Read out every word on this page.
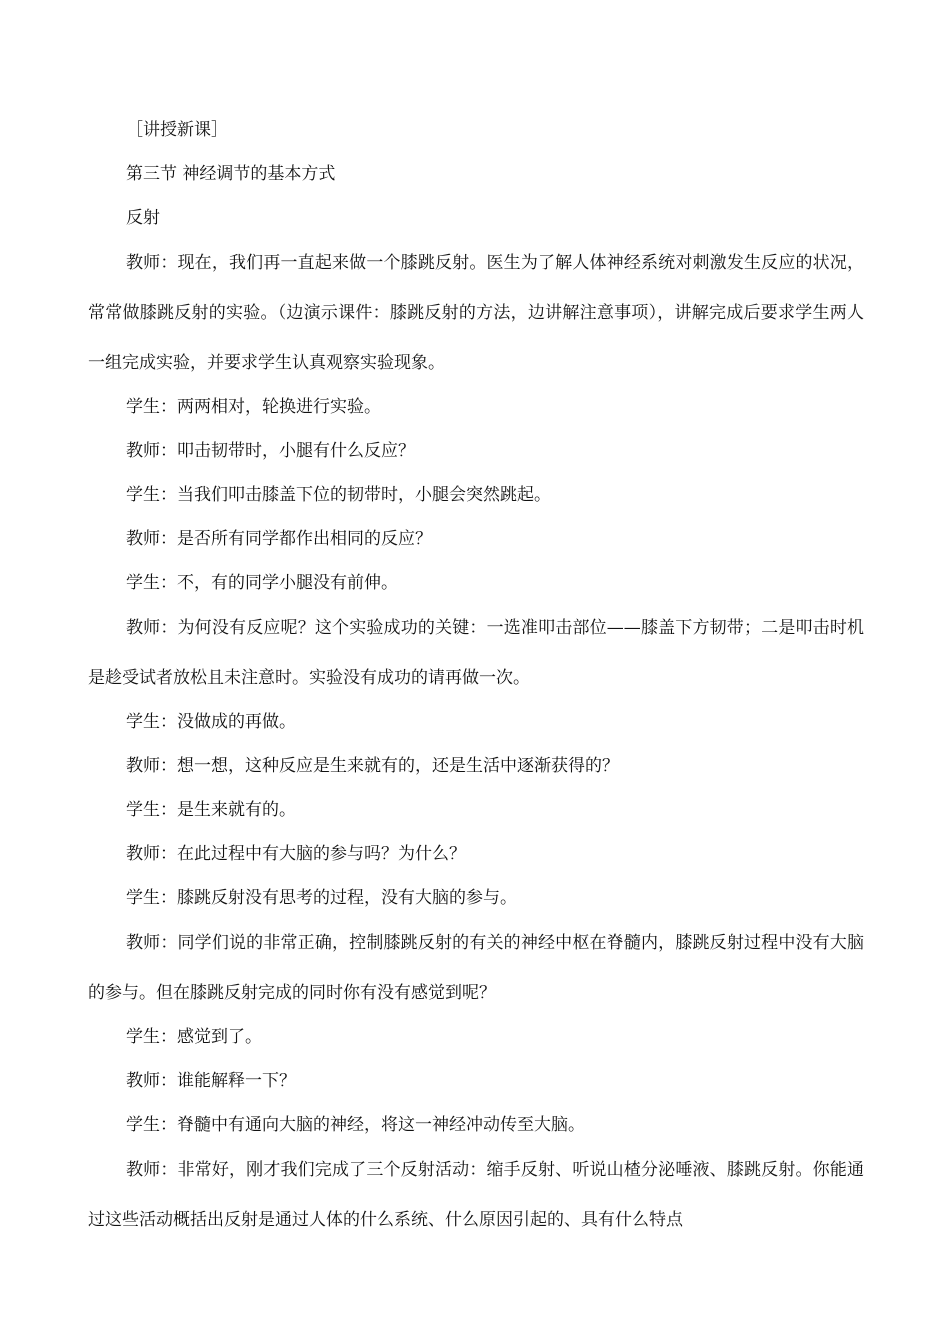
［讲授新课］

第三节 神经调节的基本方式

反射

教师：现在，我们再一直起来做一个膝跳反射。医生为了解人体神经系统对刺激发生反应的状况，常常做膝跳反射的实验。（边演示课件：膝跳反射的方法，边讲解注意事项），讲解完成后要求学生两人一组完成实验，并要求学生认真观察实验现象。

学生：两两相对，轮换进行实验。

教师：叩击韧带时，小腿有什么反应？

学生：当我们叩击膝盖下位的韧带时，小腿会突然跳起。

教师：是否所有同学都作出相同的反应？

学生：不，有的同学小腿没有前伸。

教师：为何没有反应呢？这个实验成功的关键：一选准叩击部位——膝盖下方韧带；二是叩击时机是趁受试者放松且未注意时。实验没有成功的请再做一次。

学生：没做成的再做。

教师：想一想，这种反应是生来就有的，还是生活中逐渐获得的？

学生：是生来就有的。

教师：在此过程中有大脑的参与吗？为什么？

学生：膝跳反射没有思考的过程，没有大脑的参与。

教师：同学们说的非常正确，控制膝跳反射的有关的神经中枢在脊髓内，膝跳反射过程中没有大脑的参与。但在膝跳反射完成的同时你有没有感觉到呢？

学生：感觉到了。

教师：谁能解释一下？

学生：脊髓中有通向大脑的神经，将这一神经冲动传至大脑。

教师：非常好，刚才我们完成了三个反射活动：缩手反射、听说山楂分泌唾液、膝跳反射。你能通过这些活动概括出反射是通过人体的什么系统、什么原因引起的、具有什么特点
